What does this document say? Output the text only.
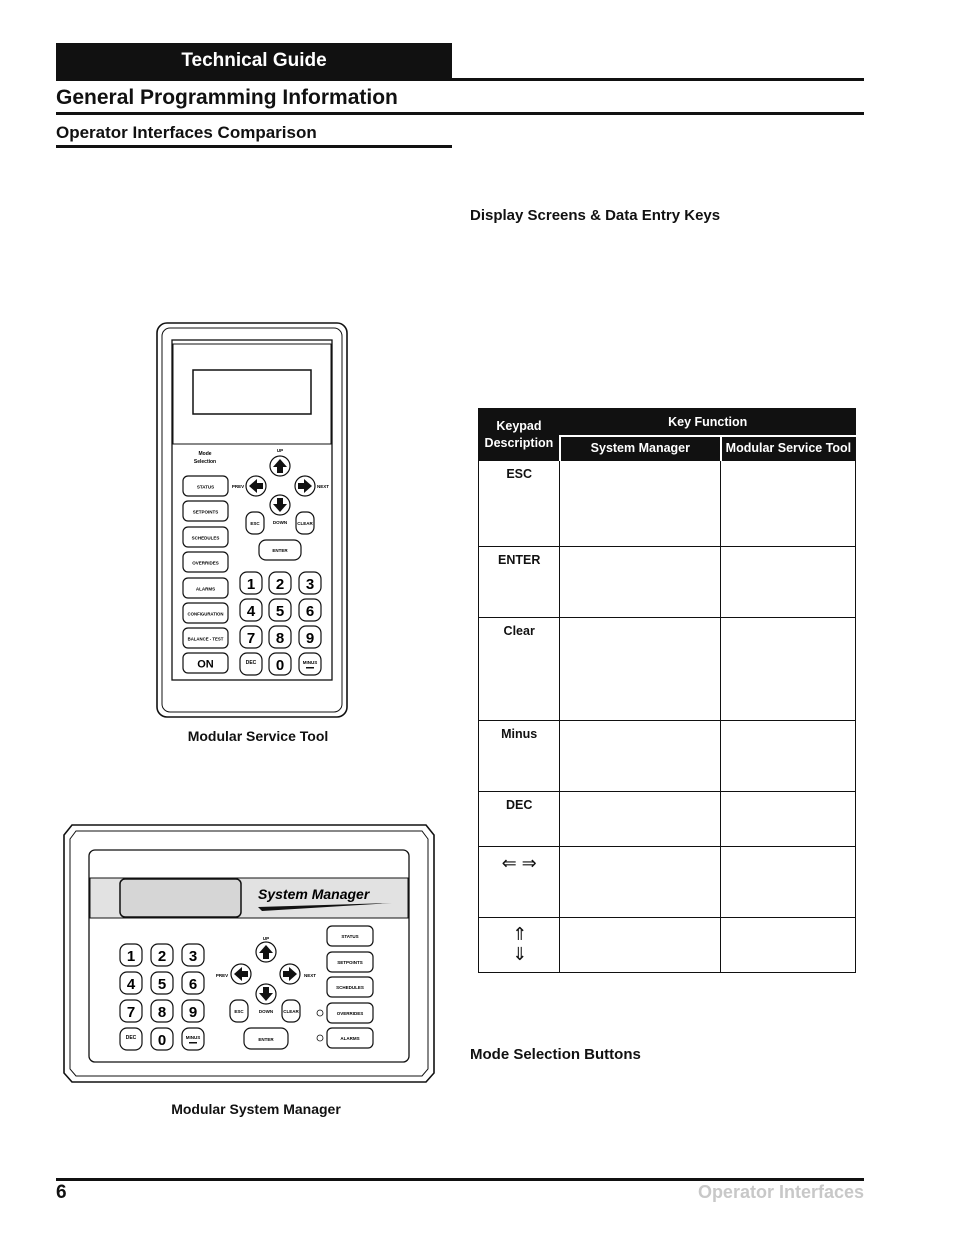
Technical Guide
General Programming Information
Operator Interfaces Comparison
Display Screens & Data Entry Keys
Mode Selection Buttons
Mode
Selection
STATUS
SETPOINTS
SCHEDULES
OVERRIDES
ALARMS
CONFIGURATION
BALANCE - TEST
ON
UP
PREV	NEXT
DOWN
ESC	CLEAR
ENTER
1 2 3
4 5 6
7 8 9
DEC 0	MINUS
Modular Service Tool
System Manager
1 2 3
4 5 6
7 8 9
DEC 0	MINUS
UP
PREV	NEXT
DOWN
ESC	CLEAR
ENTER
STATUS
SETPOINTS
SCHEDULES
OVERRIDES
ALARMS
Modular System Manager
Keypad Description	Key Function	
	System Manager	Modular Service Tool
ESC		
ENTER		
Clear		
Minus		
DEC		
⇐ ⇒		
⇑ ⇓		
6	Operator Interfaces
